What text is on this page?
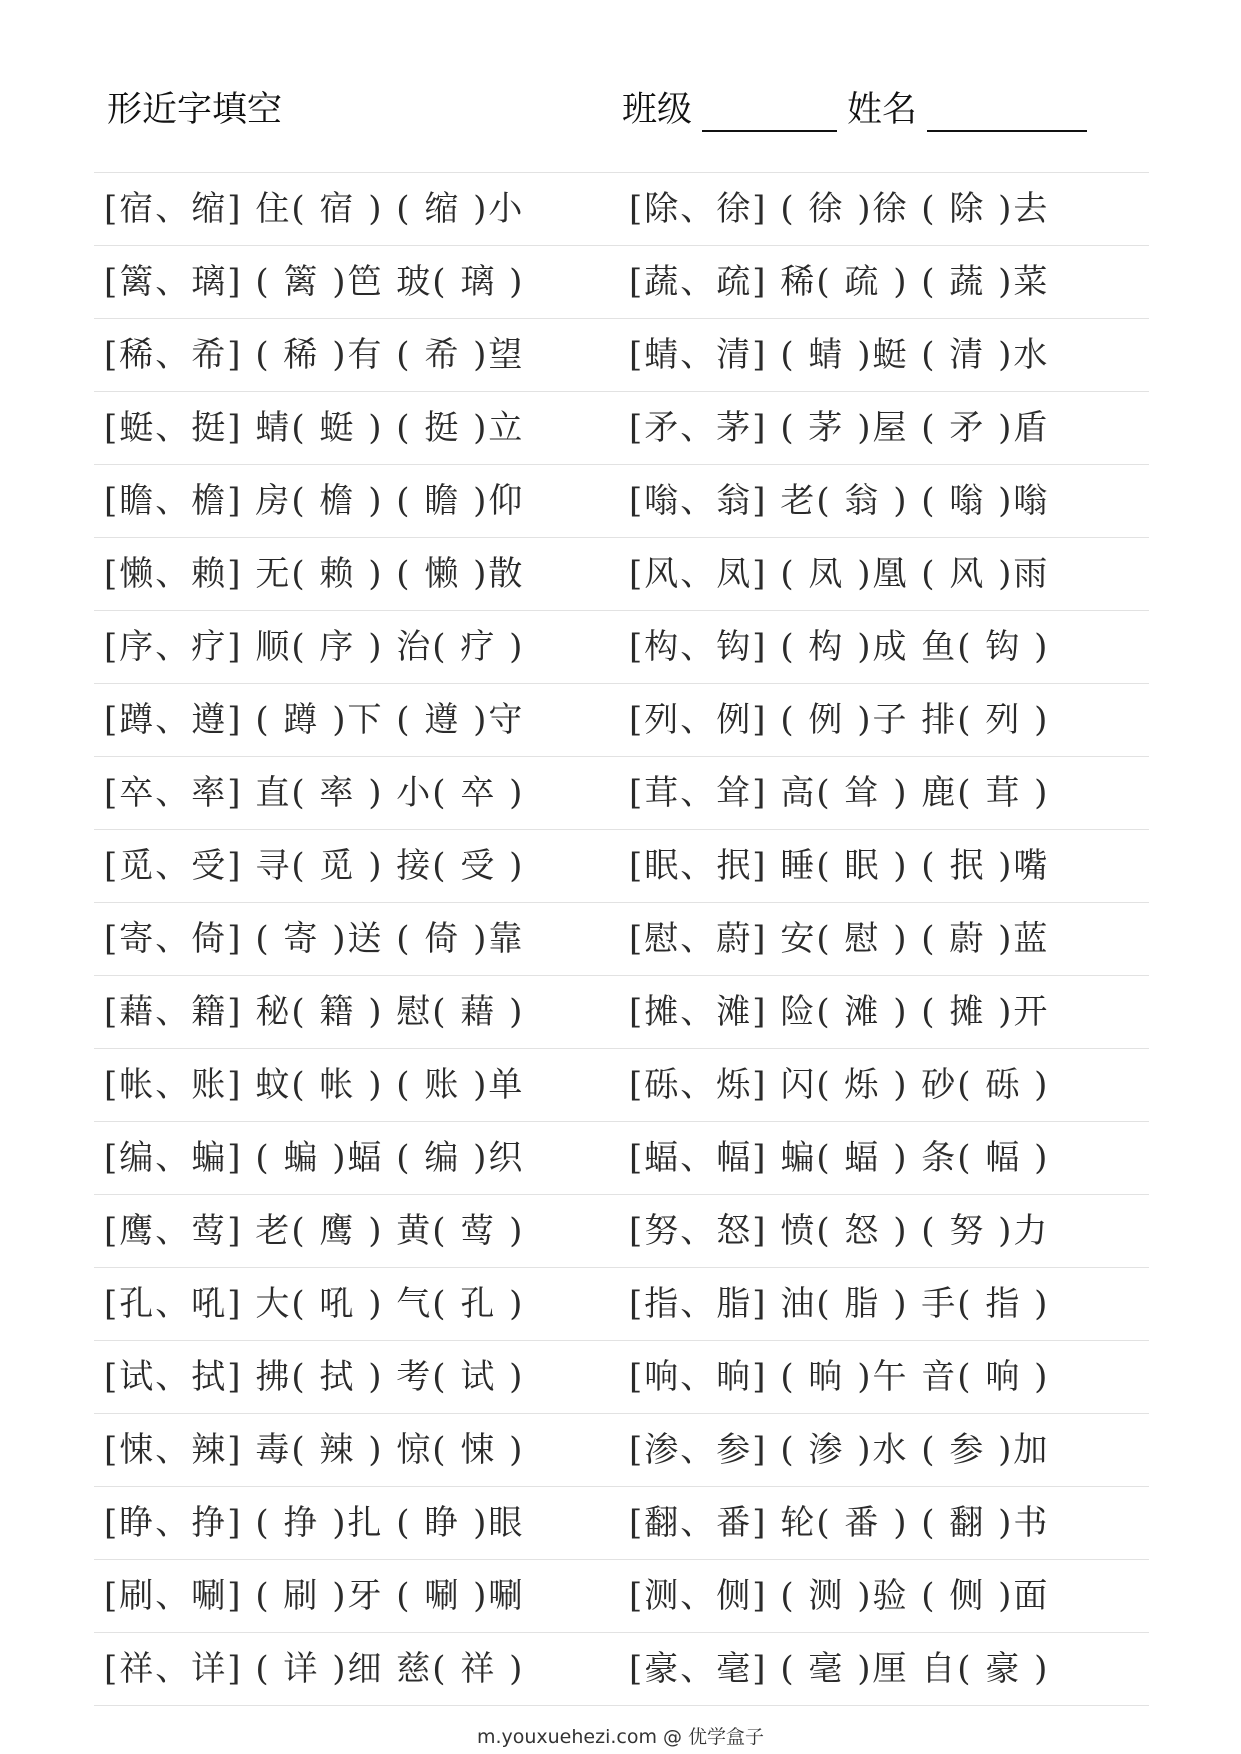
形近字填空	班级	姓名
[宿、缩] 住( 宿 ) ( 缩 )小	[除、徐] ( 徐 )徐 ( 除 )去
[篱、璃] ( 篱 )笆 玻( 璃 )	[蔬、疏] 稀( 疏 ) ( 蔬 )菜
[稀、希] ( 稀 )有 ( 希 )望	[蜻、清] ( 蜻 )蜓 ( 清 )水
[蜓、挺] 蜻( 蜓 ) ( 挺 )立	[矛、茅] ( 茅 )屋 ( 矛 )盾
[瞻、檐] 房( 檐 ) ( 瞻 )仰	[嗡、翁] 老( 翁 ) ( 嗡 )嗡
[懒、赖] 无( 赖 ) ( 懒 )散	[风、凤] ( 凤 )凰 ( 风 )雨
[序、疗] 顺( 序 ) 治( 疗 )	[构、钩] ( 构 )成 鱼( 钩 )
[蹲、遵] ( 蹲 )下 ( 遵 )守	[列、例] ( 例 )子 排( 列 )
[卒、率] 直( 率 ) 小( 卒 )	[茸、耸] 高( 耸 ) 鹿( 茸 )
[觅、受] 寻( 觅 ) 接( 受 )	[眠、抿] 睡( 眠 ) ( 抿 )嘴
[寄、倚] ( 寄 )送 ( 倚 )靠	[慰、蔚] 安( 慰 ) ( 蔚 )蓝
[藉、籍] 秘( 籍 ) 慰( 藉 )	[摊、滩] 险( 滩 ) ( 摊 )开
[帐、账] 蚊( 帐 ) ( 账 )单	[砾、烁] 闪( 烁 ) 砂( 砾 )
[编、蝙] ( 蝙 )蝠 ( 编 )织	[蝠、幅] 蝙( 蝠 ) 条( 幅 )
[鹰、莺] 老( 鹰 ) 黄( 莺 )	[努、怒] 愤( 怒 ) ( 努 )力
[孔、吼] 大( 吼 ) 气( 孔 )	[指、脂] 油( 脂 ) 手( 指 )
[试、拭] 拂( 拭 ) 考( 试 )	[响、晌] ( 晌 )午 音( 响 )
[悚、辣] 毒( 辣 ) 惊( 悚 )	[渗、参] ( 渗 )水 ( 参 )加
[睁、挣] ( 挣 )扎 ( 睁 )眼	[翻、番] 轮( 番 ) ( 翻 )书
[刷、唰] ( 刷 )牙 ( 唰 )唰	[测、侧] ( 测 )验 ( 侧 )面
[祥、详] ( 详 )细 慈( 祥 )	[豪、毫] ( 毫 )厘 自( 豪 )
m.youxuehezi.com @ 优学盒子
